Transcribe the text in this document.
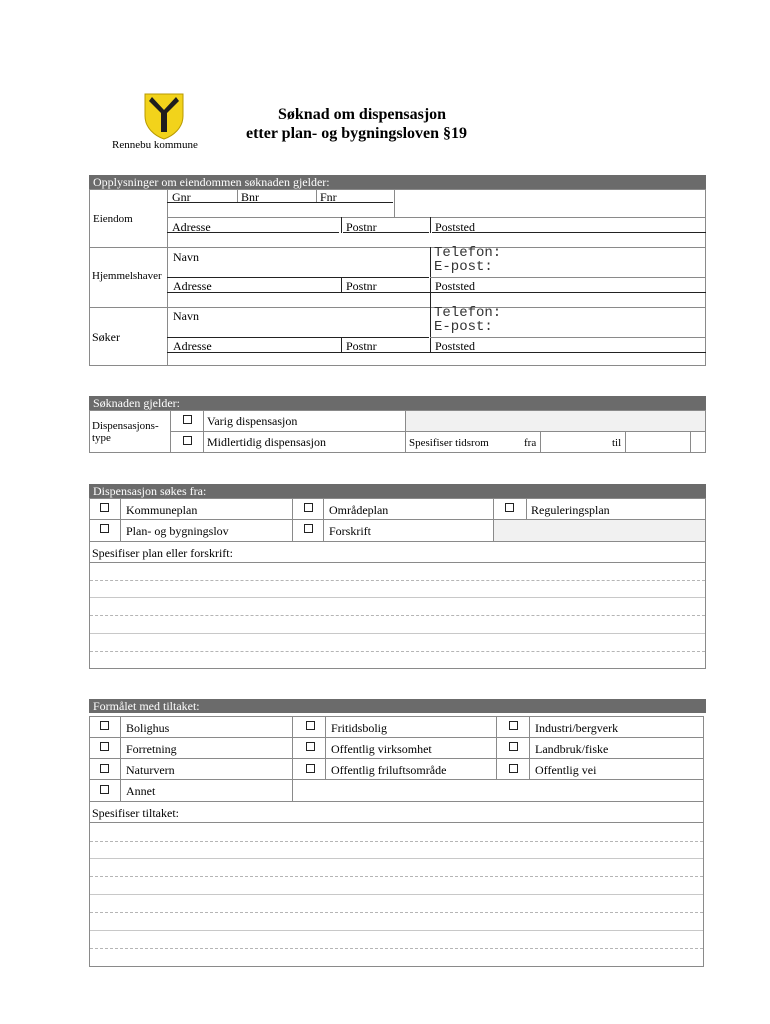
Rennebu kommune
Søknad om dispensasjon
etter plan- og bygningsloven §19
Opplysninger om eiendommen søknaden gjelder:
Eiendom
Gnr	Bnr	Fnr
Adresse	Postnr	Poststed
Hjemmelshaver
Navn	Telefon:
E-post:
Adresse	Postnr	Poststed
Søker
Navn	Telefon:
E-post:
Adresse	Postnr	Poststed
Søknaden gjelder:
Dispensasjons-
type
Varig dispensasjon
Midlertidig dispensasjon	Spesifiser tidsrom	fra	til
Dispensasjon søkes fra:
Kommuneplan	Områdeplan	Reguleringsplan
Plan- og bygningslov	Forskrift
Spesifiser plan eller forskrift:
Formålet med tiltaket:
Bolighus	Fritidsbolig	Industri/bergverk
Forretning	Offentlig virksomhet	Landbruk/fiske
Naturvern	Offentlig friluftsområde	Offentlig vei
Annet
Spesifiser tiltaket:
